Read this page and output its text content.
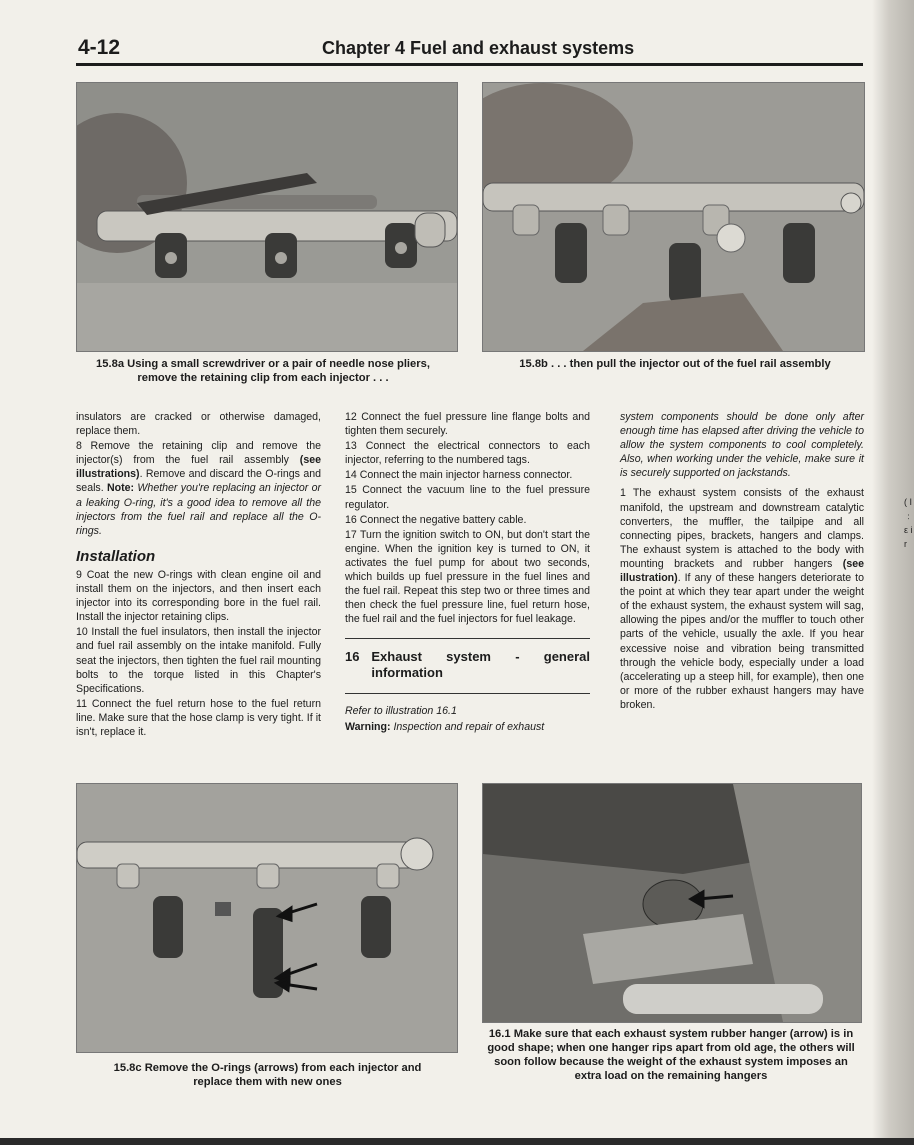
( I ﹕ ε i r
4-12	Chapter 4 Fuel and exhaust systems
15.8a Using a small screwdriver or a pair of needle nose pliers, remove the retaining clip from each injector . . .
15.8b . . . then pull the injector out of the fuel rail assembly

insulators are cracked or otherwise damaged, replace them.

8 Remove the retaining clip and remove the injector(s) from the fuel rail assembly (see illustrations). Remove and discard the O-rings and seals. Note: Whether you're replacing an injector or a leaking O-ring, it's a good idea to remove all the injectors from the fuel rail and replace all the O-rings.

Installation

9 Coat the new O-rings with clean engine oil and install them on the injectors, and then insert each injector into its corresponding bore in the fuel rail. Install the injector retaining clips.

10 Install the fuel insulators, then install the injector and fuel rail assembly on the intake manifold. Fully seat the injectors, then tighten the fuel rail mounting bolts to the torque listed in this Chapter's Specifications.

11 Connect the fuel return hose to the fuel return line. Make sure that the hose clamp is very tight. If it isn't, replace it.

12 Connect the fuel pressure line flange bolts and tighten them securely.

13 Connect the electrical connectors to each injector, referring to the numbered tags.

14 Connect the main injector harness connector.

15 Connect the vacuum line to the fuel pressure regulator.

16 Connect the negative battery cable.

17 Turn the ignition switch to ON, but don't start the engine. When the ignition key is turned to ON, it activates the fuel pump for about two seconds, which builds up fuel pressure in the fuel lines and the fuel rail. Repeat this step two or three times and then check the fuel pressure line, fuel return hose, the fuel rail and the fuel injectors for fuel leakage.

16 Exhaust system - general information

Refer to illustration 16.1

Warning: Inspection and repair of exhaust

system components should be done only after enough time has elapsed after driving the vehicle to allow the system components to cool completely. Also, when working under the vehicle, make sure it is securely supported on jackstands.

1 The exhaust system consists of the exhaust manifold, the upstream and downstream catalytic converters, the muffler, the tailpipe and all connecting pipes, brackets, hangers and clamps. The exhaust system is attached to the body with mounting brackets and rubber hangers (see illustration). If any of these hangers deteriorate to the point at which they tear apart under the weight of the exhaust system, the exhaust system will sag, allowing the pipes and/or the muffler to touch other parts of the vehicle, usually the axle. If you hear excessive noise and vibration being transmitted through the vehicle body, especially under a load (accelerating up a steep hill, for example), then one or more of the rubber exhaust hangers may have broken.

15.8c Remove the O-rings (arrows) from each injector and replace them with new ones
16.1 Make sure that each exhaust system rubber hanger (arrow) is in good shape; when one hanger rips apart from old age, the others will soon follow because the weight of the exhaust system imposes an extra load on the remaining hangers
